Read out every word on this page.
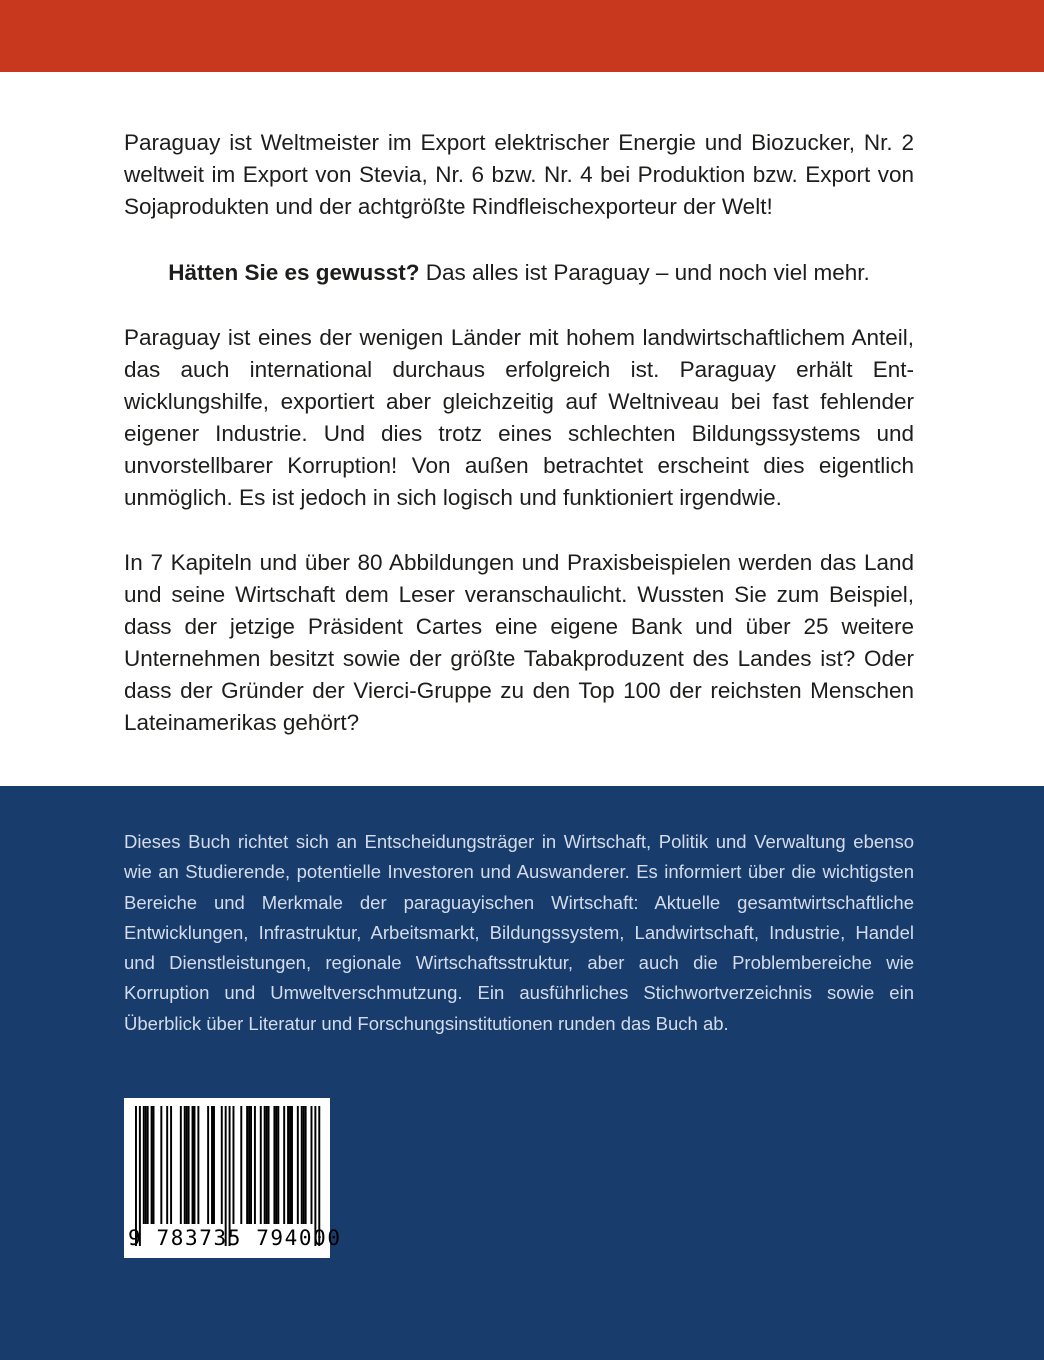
Paraguay ist Weltmeister im Export elektrischer Energie und Biozucker, Nr. 2 weltweit im Export von Stevia, Nr. 6 bzw. Nr. 4 bei Produktion bzw. Export von Sojaprodukten und der achtgrößte Rindfleischexporteur der Welt!

Hätten Sie es gewusst? Das alles ist Paraguay – und noch viel mehr.

Paraguay ist eines der wenigen Länder mit hohem landwirtschaftlichem Anteil, das auch international durchaus erfolgreich ist. Paraguay erhält Entwicklungshilfe, exportiert aber gleichzeitig auf Weltniveau bei fast fehlender eigener Industrie. Und dies trotz eines schlechten Bildungssystems und unvorstellbarer Korruption! Von außen betrachtet erscheint dies eigentlich unmöglich. Es ist jedoch in sich logisch und funktioniert irgendwie.

In 7 Kapiteln und über 80 Abbildungen und Praxisbeispielen werden das Land und seine Wirtschaft dem Leser veranschaulicht. Wussten Sie zum Beispiel, dass der jetzige Präsident Cartes eine eigene Bank und über 25 weitere Unternehmen besitzt sowie der größte Tabakproduzent des Landes ist? Oder dass der Gründer der Vierci-Gruppe zu den Top 100 der reichsten Menschen Lateinamerikas gehört?

Dieses Buch richtet sich an Entscheidungsträger in Wirtschaft, Politik und Verwaltung ebenso wie an Studierende, potentielle Investoren und Auswanderer. Es informiert über die wichtigsten Bereiche und Merkmale der paraguayischen Wirtschaft: Aktuelle gesamtwirtschaftliche Entwicklungen, Infrastruktur, Arbeitsmarkt, Bildungssystem, Landwirtschaft, Industrie, Handel und Dienstleistungen, regionale Wirtschaftsstruktur, aber auch die Problembereiche wie Korruption und Umweltverschmutzung. Ein ausführliches Stichwortverzeichnis sowie ein Überblick über Literatur und Forschungsinstitutionen runden das Buch ab.

9 783735 794000
